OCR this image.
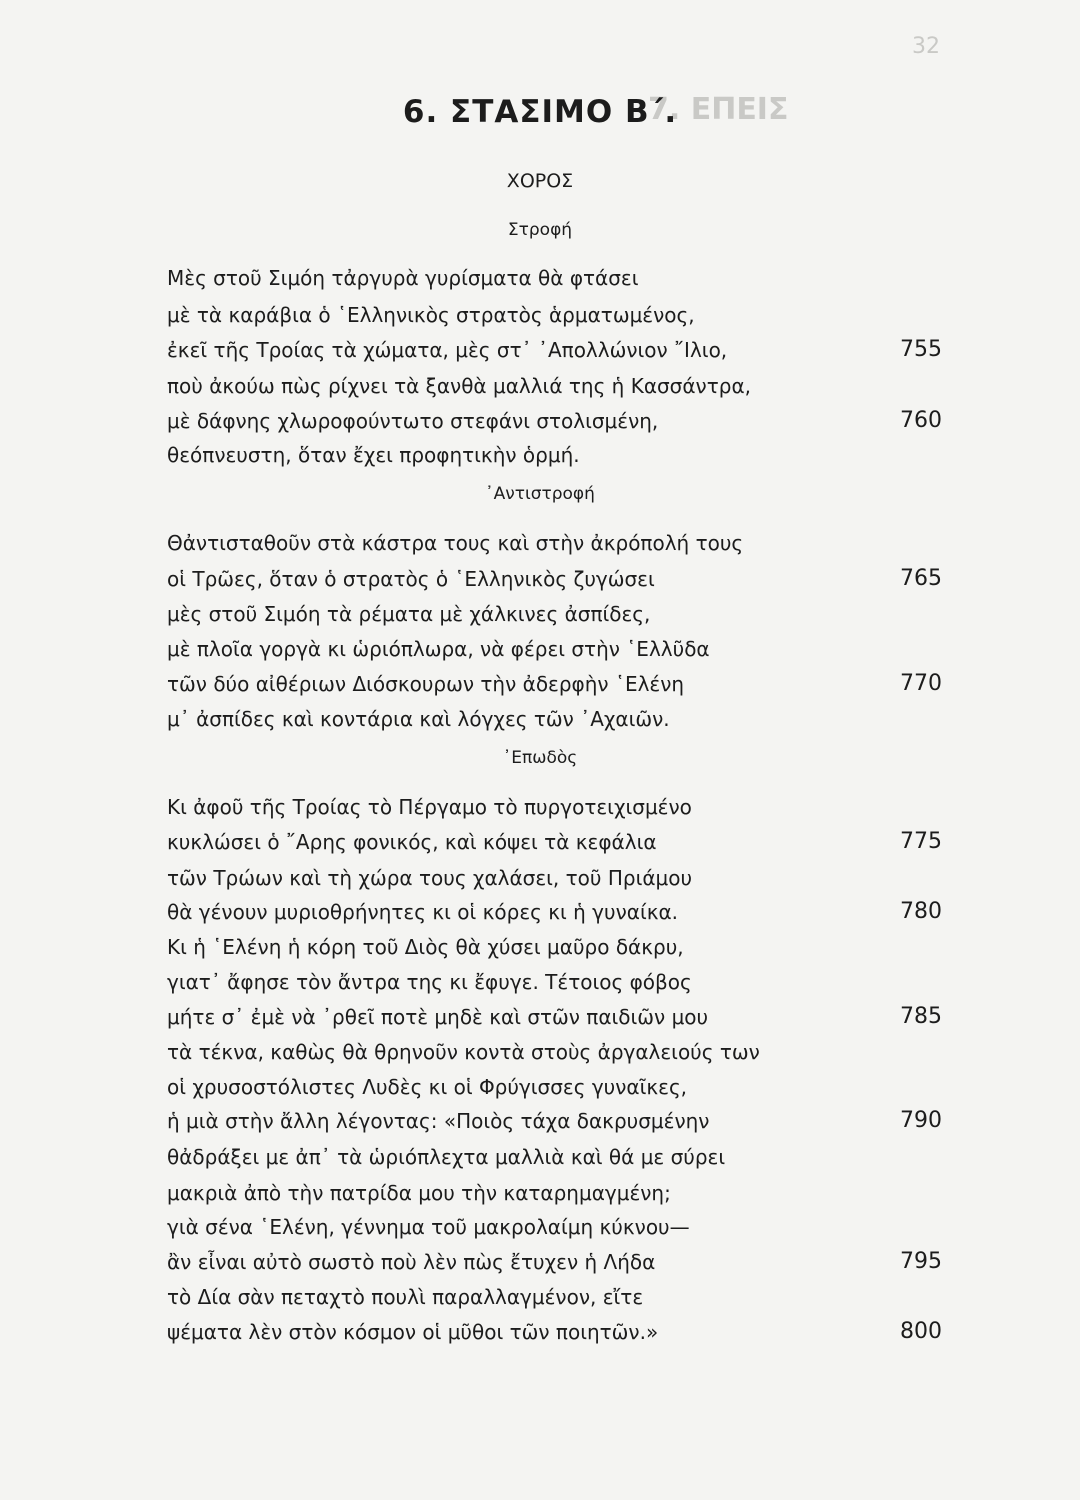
7. ΕΠΕΙΣ
32
6. ΣΤΑΣΙΜΟ Β΄.
ΧΟΡΟΣ
Στροφή
Μὲς στοῦ Σιμόη τἀργυρὰ γυρίσματα θὰ φτάσει
μὲ τὰ καράβια ὁ ῾Ελληνικὸς στρατὸς ἁρματωμένος,
ἐκεῖ τῆς Τροίας τὰ χώματα, μὲς στ᾿ ᾿Απολλώνιον ῎Ιλιο,
ποὺ ἀκούω πὼς ρίχνει τὰ ξανθὰ μαλλιά της ἡ Κασσάντρα,
μὲ δάφνης χλωροφούντωτο στεφάνι στολισμένη,
θεόπνευστη, ὅταν ἔχει προφητικὴν ὁρμή.
᾿Αντιστροφή
Θἀντισταθοῦν στὰ κάστρα τους καὶ στὴν ἀκρόπολή τους
οἱ Τρῶες, ὅταν ὁ στρατὸς ὁ ῾Ελληνικὸς ζυγώσει
μὲς στοῦ Σιμόη τὰ ρέματα μὲ χάλκινες ἀσπίδες,
μὲ πλοῖα γοργὰ κι ὡριόπλωρα, νὰ φέρει στὴν ῾Ελλῦδα
τῶν δύο αἰθέριων Διόσκουρων τὴν ἀδερφὴν ῾Ελένη
μ᾿ ἀσπίδες καὶ κοντάρια καὶ λόγχες τῶν ᾿Αχαιῶν.
᾿Επωδὸς
Κι ἀφοῦ τῆς Τροίας τὸ Πέργαμο τὸ πυργοτειχισμένο
κυκλώσει ὁ ῎Αρης φονικός, καὶ κόψει τὰ κεφάλια
τῶν Τρώων καὶ τὴ χώρα τους χαλάσει, τοῦ Πριάμου
θὰ γένουν μυριοθρήνητες κι οἱ κόρες κι ἡ γυναίκα.
Κι ἡ ῾Ελένη ἡ κόρη τοῦ Διὸς θὰ χύσει μαῦρο δάκρυ,
γιατ᾿ ἄφησε τὸν ἄντρα της κι ἔφυγε. Τέτοιος φόβος
μήτε σ᾿ ἐμὲ νὰ ᾿ρθεῖ ποτὲ μηδὲ καὶ στῶν παιδιῶν μου
τὰ τέκνα, καθὼς θὰ θρηνοῦν κοντὰ στοὺς ἀργαλειούς των
οἱ χρυσοστόλιστες Λυδὲς κι οἱ Φρύγισσες γυναῖκες,
ἡ μιὰ στὴν ἄλλη λέγοντας: «Ποιὸς τάχα δακρυσμένην
θἀδράξει με ἀπ᾿ τὰ ὡριόπλεχτα μαλλιὰ καὶ θά με σύρει
μακριὰ ἀπὸ τὴν πατρίδα μου τὴν καταρημαγμένη;
γιὰ σένα ῾Ελένη, γέννημα τοῦ μακρολαίμη κύκνου—
ἂν εἶναι αὐτὸ σωστὸ ποὺ λὲν πὼς ἔτυχεν ἡ Λήδα
τὸ Δία σὰν πεταχτὸ πουλὶ παραλλαγμένον, εἴτε
ψέματα λὲν στὸν κόσμον οἱ μῦθοι τῶν ποιητῶν.»
755
760
765
770
775
780
785
790
795
800
